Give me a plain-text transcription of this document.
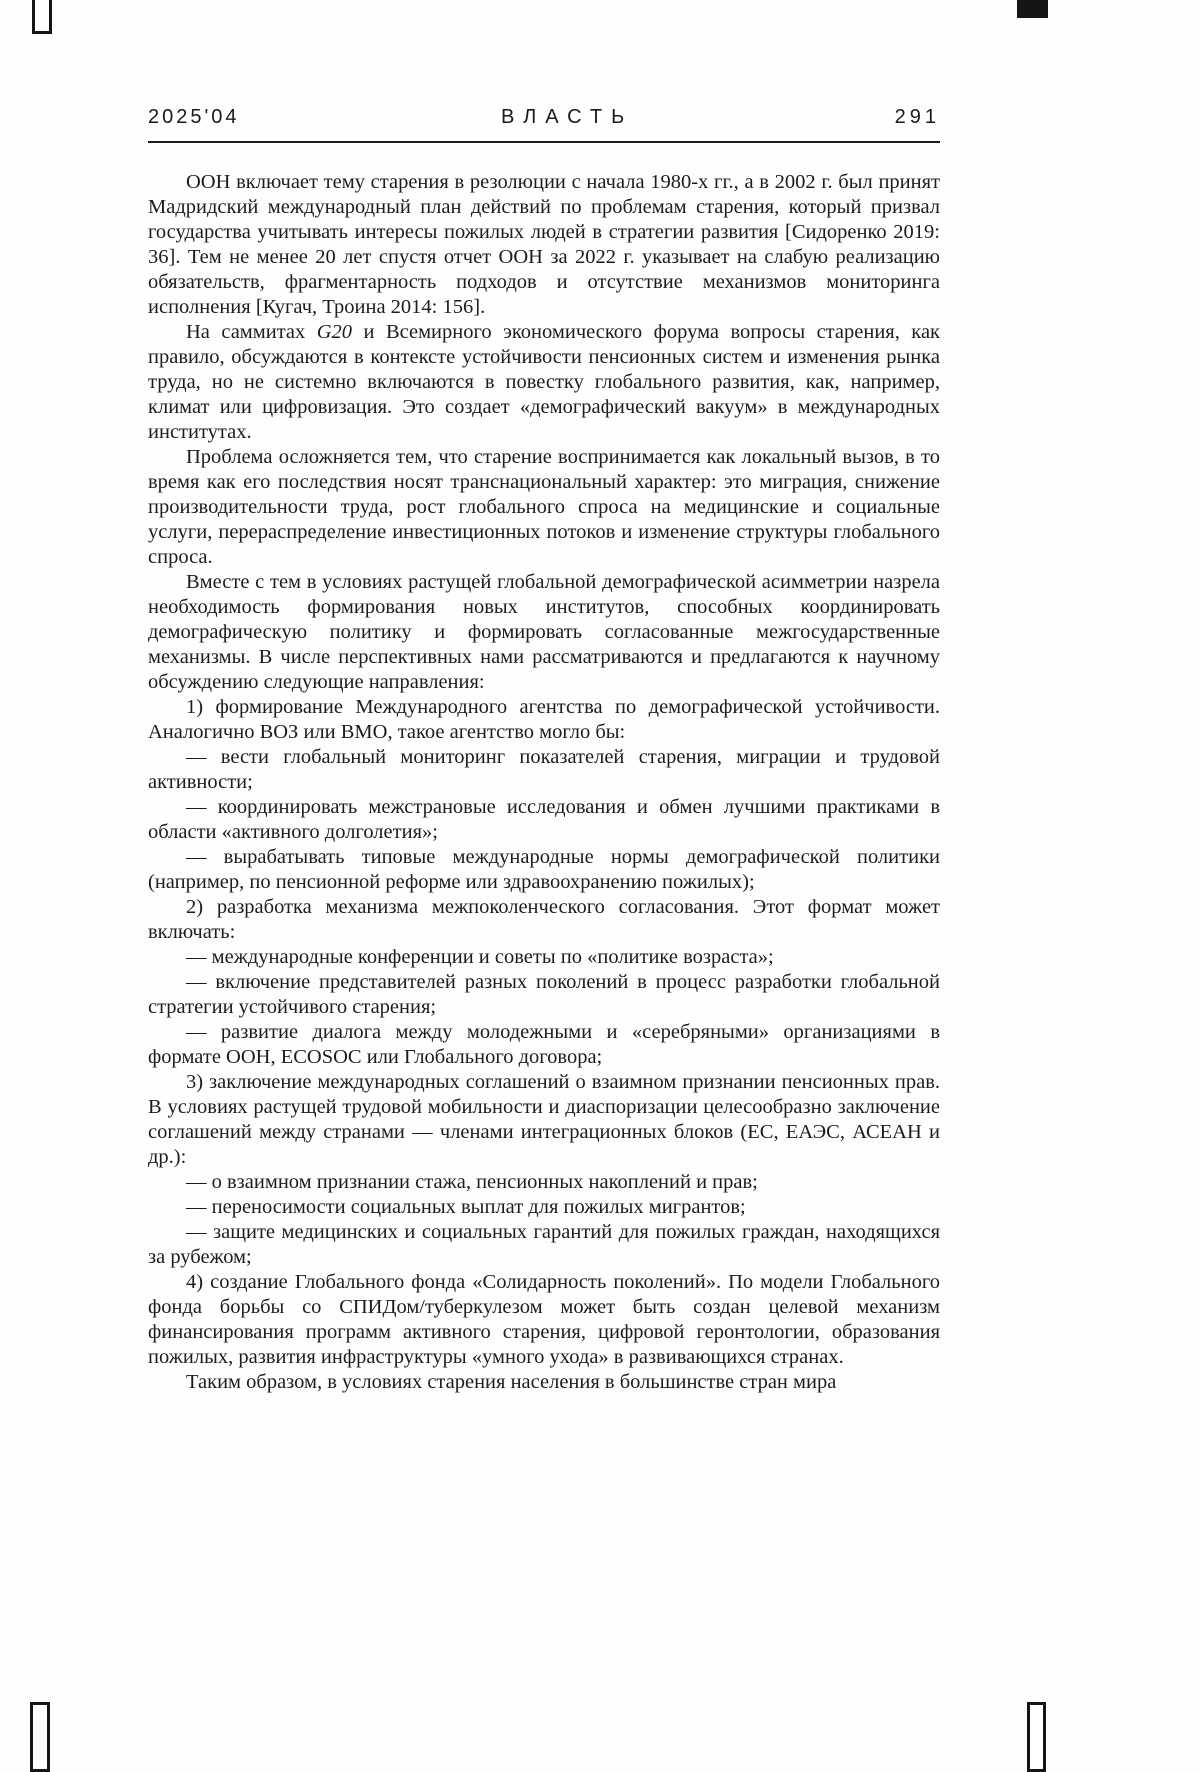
2025'04	ВЛАСТЬ	291

ООН включает тему старения в резолюции с начала 1980-х гг., а в 2002 г. был принят Мадридский международный план действий по проблемам старения, который призвал государства учитывать интересы пожилых людей в стратегии развития [Сидоренко 2019: 36]. Тем не менее 20 лет спустя отчет ООН за 2022 г. указывает на слабую реализацию обязательств, фрагментарность подходов и отсутствие механизмов мониторинга исполнения [Кугач, Троина 2014: 156].

На саммитах G20 и Всемирного экономического форума вопросы старения, как правило, обсуждаются в контексте устойчивости пенсионных систем и изменения рынка труда, но не системно включаются в повестку глобального развития, как, например, климат или цифровизация. Это создает «демографический вакуум» в международных институтах.

Проблема осложняется тем, что старение воспринимается как локальный вызов, в то время как его последствия носят транснациональный характер: это миграция, снижение производительности труда, рост глобального спроса на медицинские и социальные услуги, перераспределение инвестиционных потоков и изменение структуры глобального спроса.

Вместе с тем в условиях растущей глобальной демографической асимметрии назрела необходимость формирования новых институтов, способных координировать демографическую политику и формировать согласованные межгосударственные механизмы. В числе перспективных нами рассматриваются и предлагаются к научному обсуждению следующие направления:

1) формирование Международного агентства по демографической устойчивости. Аналогично ВОЗ или ВМО, такое агентство могло бы:

— вести глобальный мониторинг показателей старения, миграции и трудовой активности;

— координировать межстрановые исследования и обмен лучшими практиками в области «активного долголетия»;

— вырабатывать типовые международные нормы демографической политики (например, по пенсионной реформе или здравоохранению пожилых);

2) разработка механизма межпоколенческого согласования. Этот формат может включать:

— международные конференции и советы по «политике возраста»;

— включение представителей разных поколений в процесс разработки глобальной стратегии устойчивого старения;

— развитие диалога между молодежными и «серебряными» организациями в формате ООН, ECOSOC или Глобального договора;

3) заключение международных соглашений о взаимном признании пенсионных прав. В условиях растущей трудовой мобильности и диаспоризации целесообразно заключение соглашений между странами — членами интеграционных блоков (ЕС, ЕАЭС, АСЕАН и др.):

— о взаимном признании стажа, пенсионных накоплений и прав;

— переносимости социальных выплат для пожилых мигрантов;

— защите медицинских и социальных гарантий для пожилых граждан, находящихся за рубежом;

4) создание Глобального фонда «Солидарность поколений». По модели Глобального фонда борьбы со СПИДом/туберкулезом может быть создан целевой механизм финансирования программ активного старения, цифровой геронтологии, образования пожилых, развития инфраструктуры «умного ухода» в развивающихся странах.

Таким образом, в условиях старения населения в большинстве стран мира
